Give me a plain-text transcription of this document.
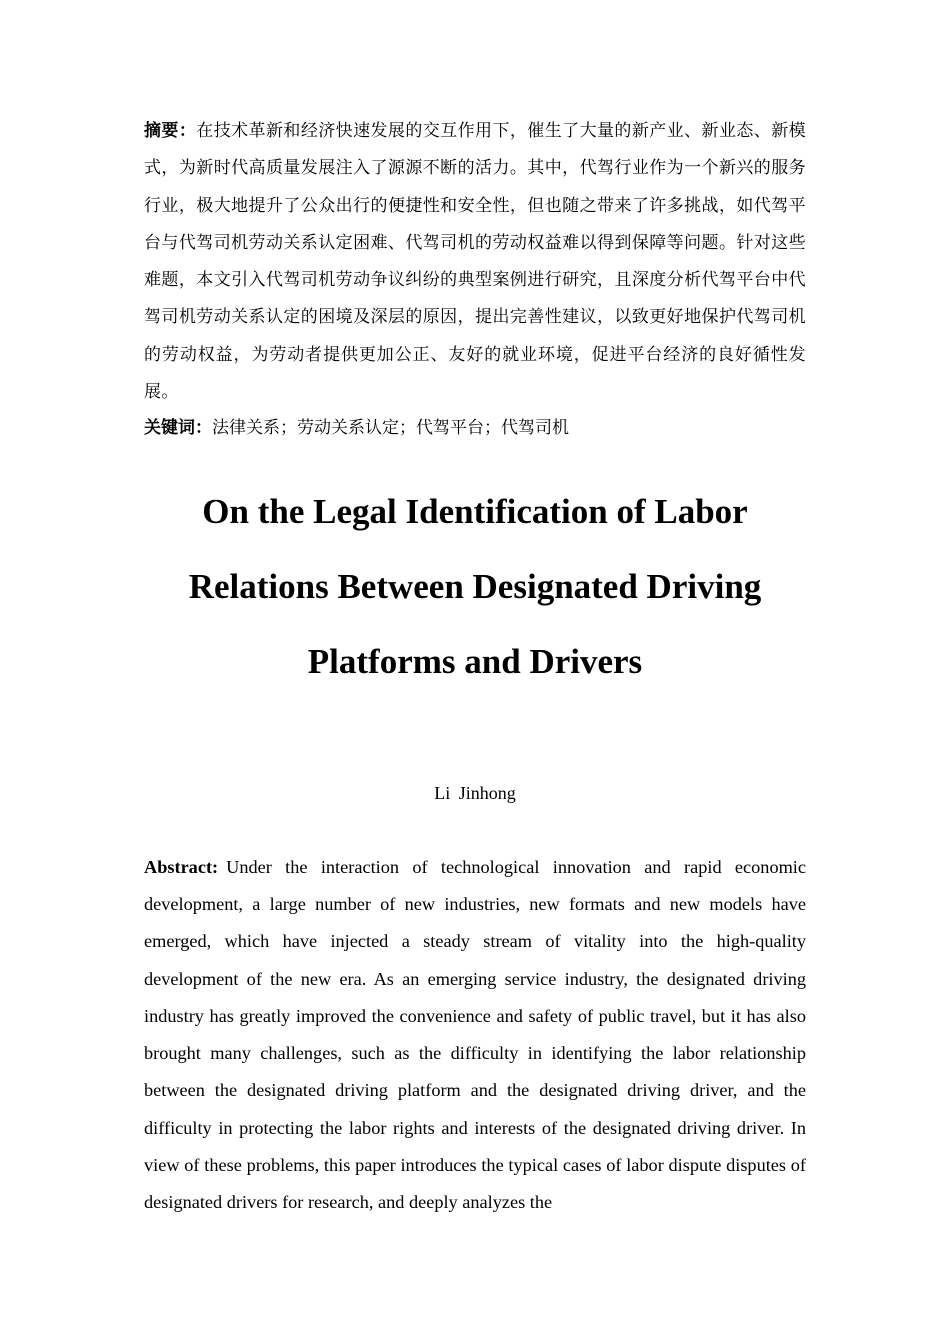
摘要：在技术革新和经济快速发展的交互作用下，催生了大量的新产业、新业态、新模式，为新时代高质量发展注入了源源不断的活力。其中，代驾行业作为一个新兴的服务行业，极大地提升了公众出行的便捷性和安全性，但也随之带来了许多挑战，如代驾平台与代驾司机劳动关系认定困难、代驾司机的劳动权益难以得到保障等问题。针对这些难题，本文引入代驾司机劳动争议纠纷的典型案例进行研究，且深度分析代驾平台中代驾司机劳动关系认定的困境及深层的原因，提出完善性建议，以致更好地保护代驾司机的劳动权益，为劳动者提供更加公正、友好的就业环境，促进平台经济的良好循性发展。

关键词：法律关系；劳动关系认定；代驾平台；代驾司机

On the Legal Identification of Labor
Relations Between Designated Driving
Platforms and Drivers
Li Jinhong

Abstract: Under the interaction of technological innovation and rapid economic development, a large number of new industries, new formats and new models have emerged, which have injected a steady stream of vitality into the high-quality development of the new era. As an emerging service industry, the designated driving industry has greatly improved the convenience and safety of public travel, but it has also brought many challenges, such as the difficulty in identifying the labor relationship between the designated driving platform and the designated driving driver, and the difficulty in protecting the labor rights and interests of the designated driving driver. In view of these problems, this paper introduces the typical cases of labor dispute disputes of designated drivers for research, and deeply analyzes the
